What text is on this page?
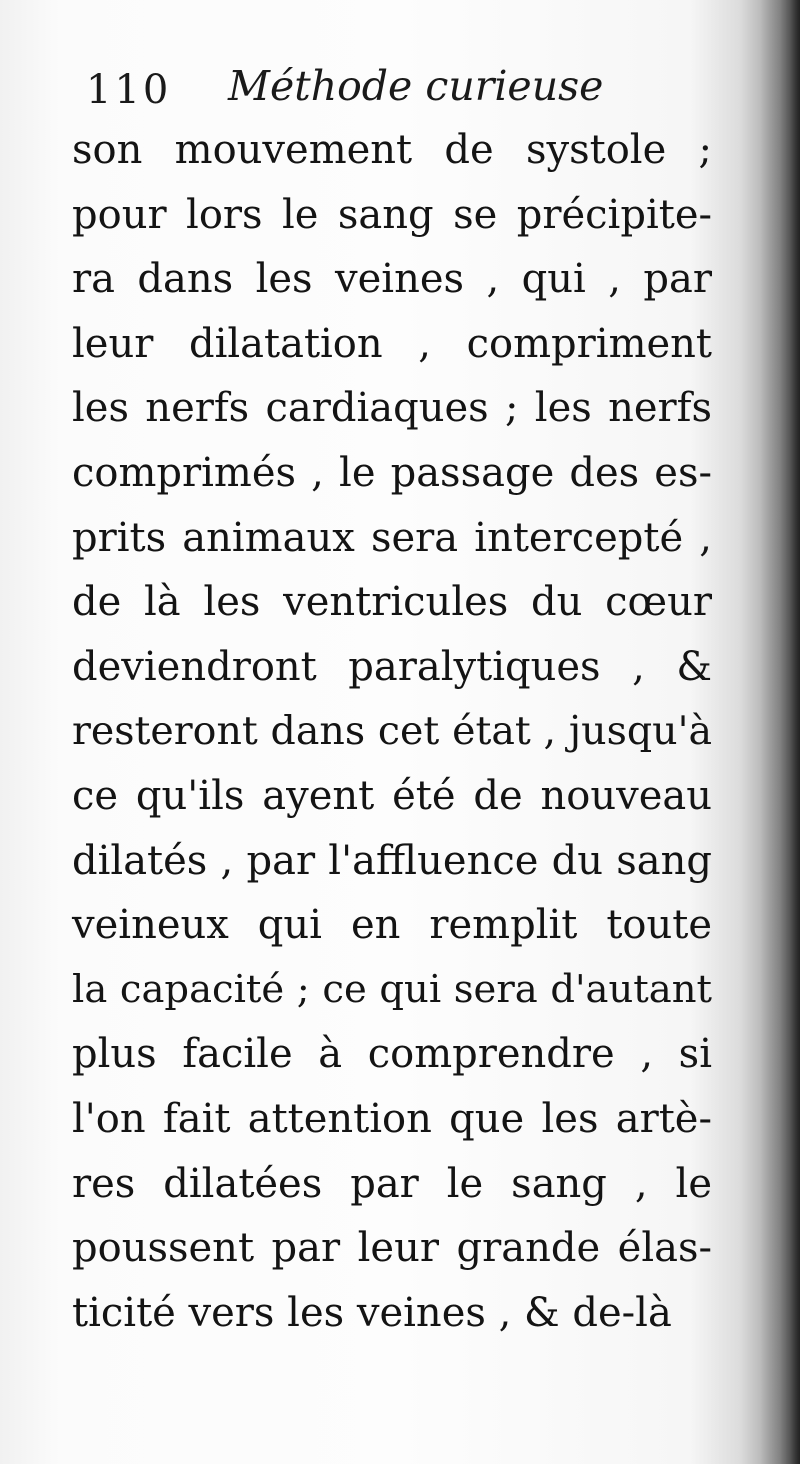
110 Méthode curieuse
son mouvement de systole ;
pour lors le sang se précipite-
ra dans les veines , qui , par
leur dilatation , compriment
les nerfs cardiaques ; les nerfs
comprimés , le passage des es-
prits animaux sera intercepté ,
de là les ventricules du cœur
deviendront paralytiques , &
resteront dans cet état , jusqu'à
ce qu'ils ayent été de nouveau
dilatés , par l'affluence du sang
veineux qui en remplit toute
la capacité ; ce qui sera d'autant
plus facile à comprendre , si
l'on fait attention que les artè-
res dilatées par le sang , le
poussent par leur grande élas-
ticité vers les veines , & de-là
